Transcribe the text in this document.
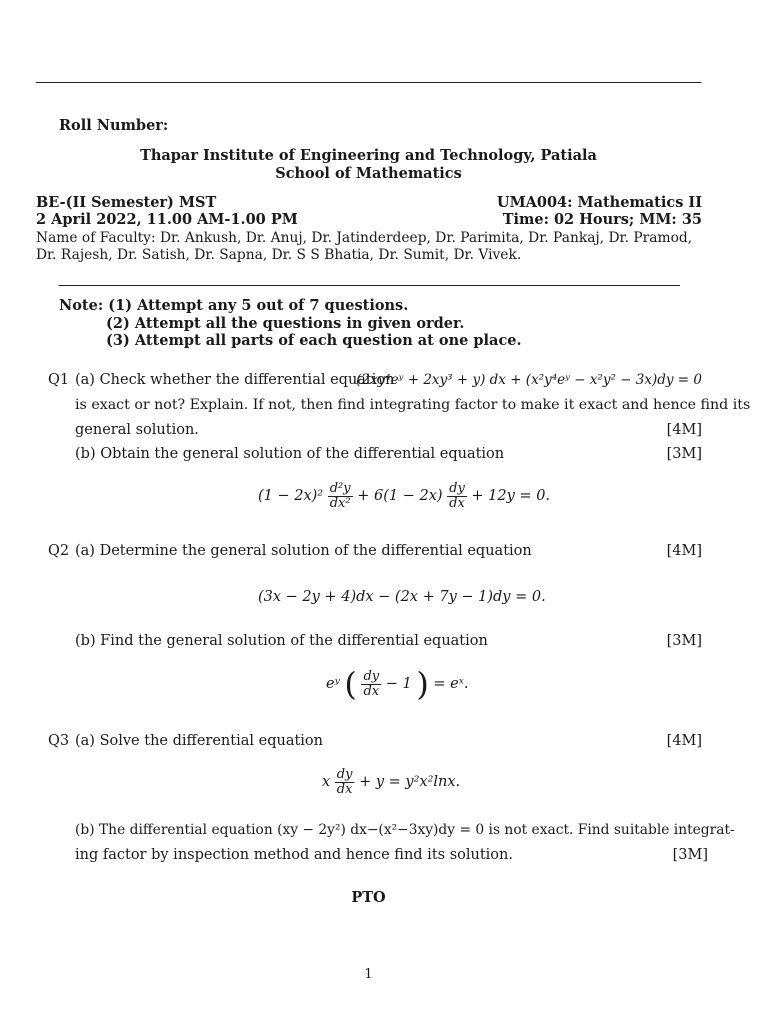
Roll Number:
Thapar Institute of Engineering and Technology, Patiala
School of Mathematics
BE-(II Semester) MST	UMA004: Mathematics II
2 April 2022, 11.00 AM-1.00 PM	Time: 02 Hours; MM: 35
Name of Faculty: Dr. Ankush, Dr. Anuj, Dr. Jatinderdeep, Dr. Parimita, Dr. Pankaj, Dr. Pramod,
Dr. Rajesh, Dr. Satish, Dr. Sapna, Dr. S S Bhatia, Dr. Sumit, Dr. Vivek.
Note: (1) Attempt any 5 out of 7 questions.
(2) Attempt all the questions in given order.
(3) Attempt all parts of each question at one place.
Q1 (a) Check whether the differential equation
(2xy⁴eʸ + 2xy³ + y) dx + (x²y⁴eʸ − x²y² − 3x)dy = 0
is exact or not? Explain. If not, then find integrating factor to make it exact and hence find its
general solution.	[4M]
(b) Obtain the general solution of the differential equation	[3M]
$(1 - 2x)^2 \frac{\text{d²y}}{\text{dx²}} + 6(1 - 2x) \frac{dy}{dx} + 12y = 0$.
Q2 (a) Determine the general solution of the differential equation	[4M]
(3x − 2y + 4)dx − (2x + 7y − 1)dy = 0.
(b) Find the general solution of the differential equation	[3M]
eʸ ( $\frac{dy}{dx} - 1$ ) = eˣ.
Q3 (a) Solve the differential equation	[4M]
x $\frac{dy}{dx} + y = y^2x^2\ln x$.
(b) The differential equation (xy − 2y²) dx−(x²−3xy)dy = 0 is not exact. Find suitable integrat-
ing factor by inspection method and hence find its solution.	[3M]
PTO
1
